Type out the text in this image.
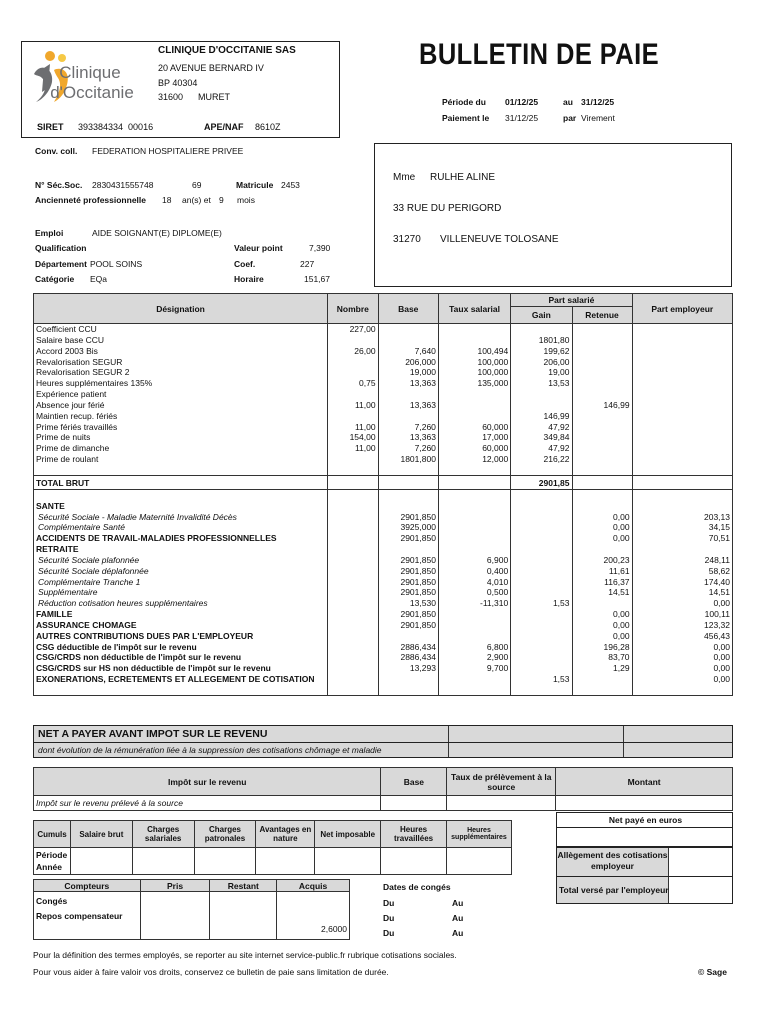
Clinique
d'Occitanie
CLINIQUE D'OCCITANIE SAS
20 AVENUE BERNARD IV
BP 40304
31600 MURET
SIRET 393384334  00016	APE/NAF 8610Z
BULLETIN DE PAIE
Période du 01/12/25	au 31/12/25
Paiement le 31/12/25	par Virement
Conv. coll. FEDERATION HOSPITALIERE PRIVEE
N° Séc.Soc. 2830431555748	69	Matricule 2453
Ancienneté professionnelle 18 an(s) et 9 mois
Emploi	AIDE SOIGNANT(E) DIPLOME(E)
Qualification	Valeur point	7,390
Département POOL SOINS	Coef.	227
Catégorie EQa	Horaire	151,67
Mme RULHE ALINE
33 RUE DU PERIGORD
31270 VILLENEUVE TOLOSANE
Désignation	Nombre	Base	Taux salarial	Part salarié		Part employeur
				Gain	Retenue	
Coefficient CCU	227,00					
Salaire base CCU				1801,80		
Accord 2003 Bis	26,00	7,640	100,494	199,62		
Revalorisation SEGUR		206,000	100,000	206,00		
Revalorisation SEGUR 2		19,000	100,000	19,00		
Heures supplémentaires 135%	0,75	13,363	135,000	13,53		
Expérience patient						
Absence jour férié	11,00	13,363			146,99	
Maintien recup. fériés				146,99		
Prime fériés travaillés	11,00	7,260	60,000	47,92		
Prime de nuits	154,00	13,363	17,000	349,84		
Prime de dimanche	11,00	7,260	60,000	47,92		
Prime de roulant		1801,800	12,000	216,22		

TOTAL BRUT				2901,85		

SANTE						
Sécurité Sociale - Maladie Maternité Invalidité Décès		2901,850			0,00	203,13
Complémentaire Santé		3925,000			0,00	34,15
ACCIDENTS DE TRAVAIL-MALADIES PROFESSIONNELLES		2901,850			0,00	70,51
RETRAITE						
Sécurité Sociale plafonnée		2901,850	6,900		200,23	248,11
Sécurité Sociale déplafonnée		2901,850	0,400		11,61	58,62
Complémentaire Tranche 1		2901,850	4,010		116,37	174,40
Supplémentaire		2901,850	0,500		14,51	14,51
Réduction cotisation heures supplémentaires		13,530	-11,310	1,53		0,00
FAMILLE		2901,850			0,00	100,11
ASSURANCE CHOMAGE		2901,850			0,00	123,32
AUTRES CONTRIBUTIONS DUES PAR L'EMPLOYEUR					0,00	456,43
CSG déductible de l'impôt sur le revenu		2886,434	6,800		196,28	0,00
CSG/CRDS non déductible de l'impôt sur le revenu		2886,434	2,900		83,70	0,00
CSG/CRDS sur HS non déductible de l'impôt sur le revenu		13,293	9,700		1,29	0,00
EXONERATIONS, ECRETEMENTS ET ALLEGEMENT DE COTISATION				1,53		0,00

NET A PAYER AVANT IMPOT SUR LE REVENU
dont évolution de la rémunération liée à la suppression des cotisations chômage et maladie
Impôt sur le revenu	Base	Taux de prélèvement à la source	Montant
Impôt sur le revenu prélevé à la source			
Cumuls	Salaire brut	Charges salariales	Charges patronales	Avantages en nature	Net imposable	Heures travaillées	Heures supplémentaires

Période
Année							

Net payé en euros
Allègement des cotisations employeur
Total versé par l'employeur
Compteurs	Pris	Restant	Acquis

Congés
Repos compensateur			2,6000
Dates de congés
Du	Au
Du	Au
Du	Au
Pour la définition des termes employés, se reporter au site internet service-public.fr rubrique cotisations sociales.
Pour vous aider à faire valoir vos droits, conservez ce bulletin de paie sans limitation de durée.	© Sage
